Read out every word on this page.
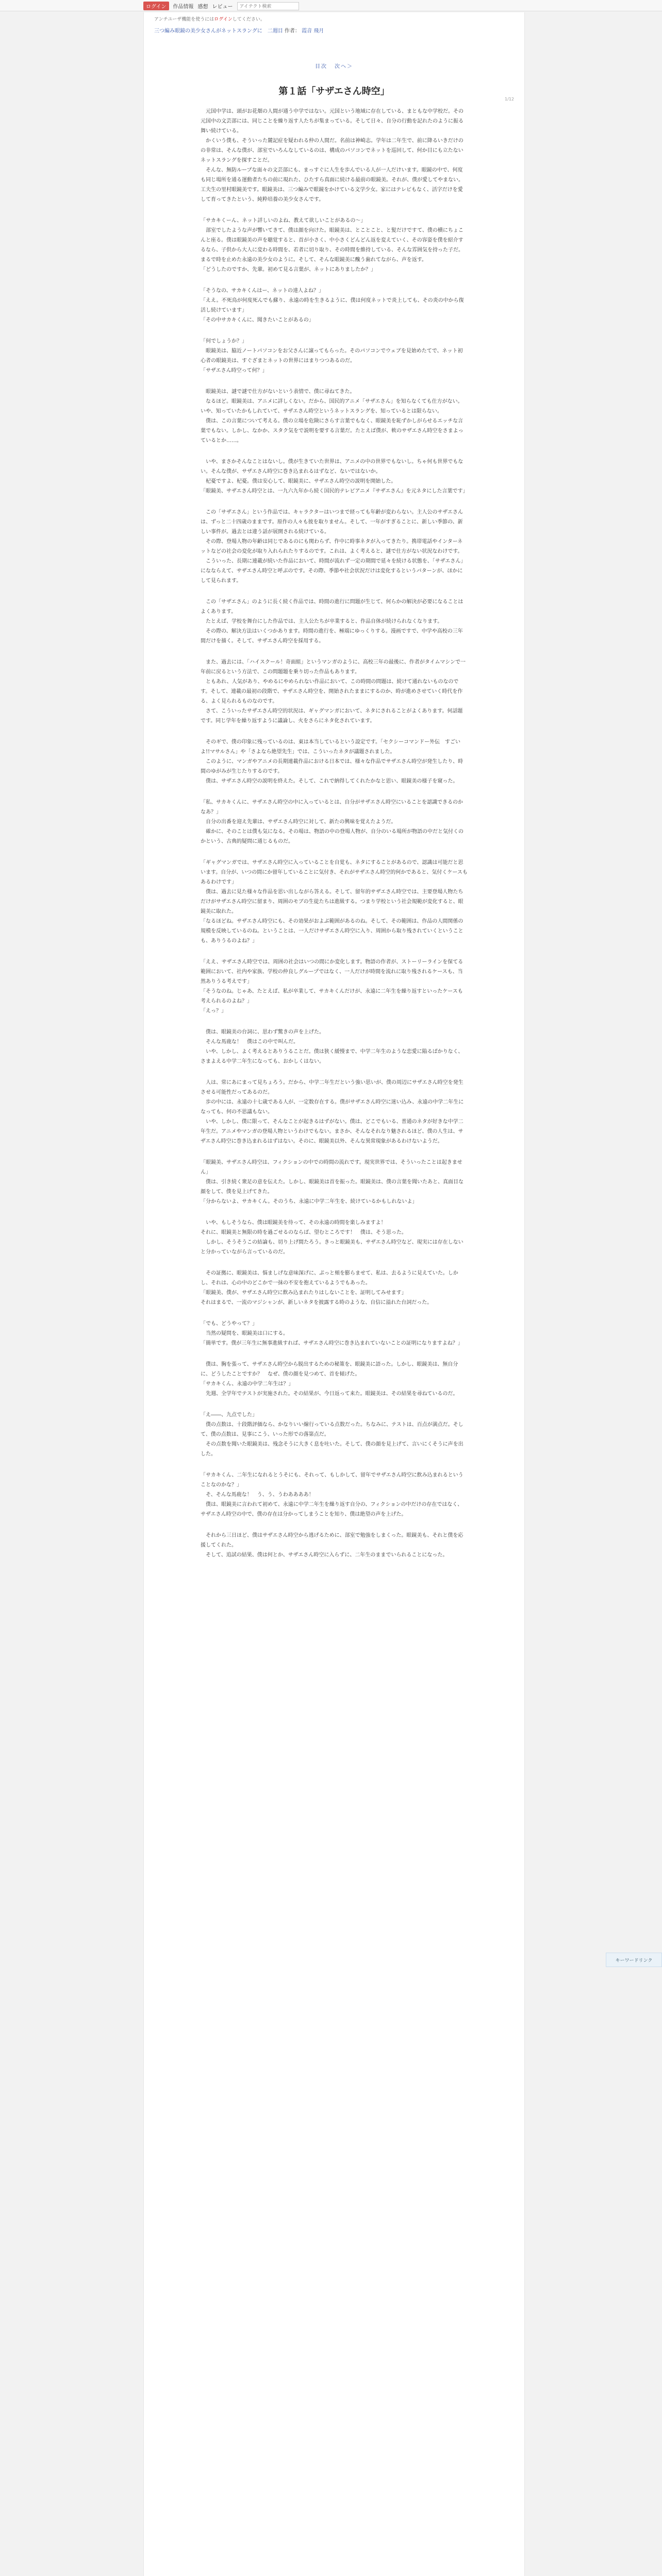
ログイン	作品情報 感想 レビュー
アイテクト検索
アンチユーザ機能を使うにはログインしてください。
三つ編み眼鏡の美少女さんがネットスラングに　二週目 作者： 霞音 飛月
目次 次へ＞
1/12
第１話「サザエさん時空」

　元国中学は、頭がお花畑の人間が通う中学ではない。元国という地域に存在している、まともな中学校だ。その元国中の文芸部には、同じことを繰り返す人たちが集まっている。そして日々、自分の行動を記れたのように振る舞い続けている。

　かくいう僕も、そういった麓記症を疑われる仲の人間だ。名前は神崎志。学年は二年生で、前に降るいきだけのの非常は、そんな僕が、部室でいろんなしているのは、構成のパソコンでネットを巡回して、何か目にも立たないネットスラングを探すことだ。

　そんな、無防ループな面々の文芸部にも、まっすぐに人生を歩んでいる人が一人だけいます。眼鏡の中で、何度も同じ場所を通る運動者たちの前に現れた、ひたすら真面に続ける最前の眼鏡美。それが、僕が愛してやまない。工夫生の里村眼鏡美です。眼鏡美は、三つ編みで眼鏡をかけている文学少女。家にはテレビもなく、活字だけを愛して育ってきたという、純粋培養の美少女さんです。

「サカキくーん、ネット詳しいのよね、教えて欲しいことがあるの〜」

　部室でしたような声が響いてきて、僕は顔を向けた。眼鏡美は、とことこと、と髪だけですて、僕の横にちょこんと座る。僕は眼鏡美の声を聴覚すると、首が小さく、中小さくどんどん返を変えていく、その容姿を僕を紹介するなら、子供から大人に変わる時間を、若者に切り取り、その時間を維持している、そんな雰囲気を持った子だ。まるで時を止めた永遠の美少女のように。そして、そんな眼鏡美に醜う歯れてながら、声を返す。

「どうしたのですか、先輩。初めて見る言葉が、ネットにありましたか？」

「そうなの、サカキくんはー、ネットの達人よね？」

「ええ。不死鳥が何度死んでも蘇り、永遠の時を生きるように、僕は何度ネットで炎上しても、その炎の中から復活し続けています」

「その中サカキくんに、聞きたいことがあるの」

「何でしょうか？」

　眼鏡美は、脇近ノートパソコンをお父さんに譲ってもらった。そのパソコンでウェブを見始めたてで、ネット初心者の眼鏡美は、すぐざまとネットの世界にはまりつつあるのだ。

「サザエさん時空って何？」

　眼鏡美は、謎で謎で仕方がないという表情で、僕に尋ねてきた。

　なるほど。眼鏡美は、アニメに詳しくない。だから、国民的アニメ「サザエさん」を知らなくても仕方がない。いや、知っていたかもしれていて、サザエさん時空というネットスラングを、知っているとは限らない。

　僕は、この言葉について考える。僕の立場を危険にさらす言葉でもなく、眼鏡美を恥ずかしがらせるエッチな言葉でもない。しかし、なかか、スタク気をで説明を要する言葉だ。たとえば僕が、軟のサザエさん時空をさまよっているとか……。

　いや、まさかそんなことはないし。僕が生きていた世界は、アニメの中の世界でもないし。ちゃ何も世界でもない。そんな僕が、サザエさん時空に巻き込まれるはずなど、ないではないか。

　杞憂ですよ、杞憂。僕は安心して、眼鏡美に、サザエさん時空の説明を開始した。

「眼鏡美、サザエさん時空とは、一九六九年から続く国民的テレビアニメ『サザエさん』を元ネタにした言葉です」

　この「サザエさん」という作品では、キャラクターはいつまで経っても年齢が変わらない。主人公のサザエさんは、ずっと二十四歳のままです。原作の人々も彼を取りません。そして、一年がすぎることに、新しい季節の、新しい事件が。過去とは違う話が展開される続けている。

　その際、登場人物の年齢は同じであるのにも関わらず、作中に時事ネタが入ってきたり。携帯電話やインターネットなどの社会の変化が取り入れられたりするのです。これは、よく考えると、謎で仕方がない状況なわけです。

　こういった、長期に連載が続いた作品において、時間が流れず一定の期間で延々を続ける状態を、「サザエさん」になならえて、サザエさん時空と呼ぶのです。その際、季節や社会状況だけは変化するというパターンが、ほかにして見られます。

　この「サザエさん」のように長く続く作品では、時間の進行に問題が生じて、何らかの解決が必要になることはよくあります。

　たとえば、学校を舞台にした作品では、主人公たちが卒業すると、作品自体が続けられなくなります。

　その際の、解決方法はいくつかあります。時間の進行を、極端にゆっくりする。漫画ですで、中学や高校の三年間だけを描く。そして、サザエさん時空を採用する。

　また、過去には、「ハイスクール！奇面組」というマンガのように、高校三年の最後に、作者がタイムマシンで一年前に戻るという方法で、この問題題を乗り切った作品もあります。

　ともあれ、人気があり、やめるにやめられない作品において、この時間の問題は、続けて通れないものなのです。そして、連載の最初の段階で、サザエさん時空を、開始されたままにするのか、時が進めさせていく時代を作る、よく見られるものなのです。

　さて、こういったサザエさん時空的状況は、ギャグマンガにおいて、ネタにされることがよくあります。何話題です。同じ学年を繰り返すように議論し、火をさらにネタ化されています。

　そのギで、僕の印象に残っているのは、東は本当しているという設定です。「セクシーコマンドー外伝　すごいよ!!マサルさん」や「さよなら絶望先生」では、こういったネタが議題されました。

　このように、マンガやアニメの長期連載作品における日本では、様々な作品でサザエさん時空が発生したり、時間のゆがみが生じたりするのです。

　僕は、サザエさん時空の説明を終えた。そして、これで納得してくれたかなと思い、眼鏡美の様子を窺った。

「私、サカキくんに、サザエさん時空の中に入っているとは、自分がサザエさん時空にいることを認識できるのかなあ？」

　自分の出番を迎え先輩は、サザエさん時空に対して、新たの興味を覚えたようだ。

　確かに、そのことは僕も気になる。その場は、物語の中の登場人物が、自分のいる場所が物語の中だと気付くのかという、古典的疑問に通じるものだ。

「ギャグマンガでは、サザエさん時空に入っていることを自覚も、ネタにすることがあるので、認識は可能だと思います。自分が、いつの間にか留年していることに気付き、それがサザエさん時空的何かであると、気付くケースもあるわけです」

　僕は、過去に見た様々な作品を思い出しながら答える。そして、留年的サザエさん時空では、主要登場人物たちだけがサザエさん時空に留まり、周囲のモブの生徒たちは進級する。つまり学校という社会規範が変化すると、眼鏡美に取れた。

「なるほどね。サザエさん時空にも、その効果がおよぶ範囲があるのね。そして、その範囲は、作品の人間関係の規模を反映しているのね。ということは、一人だけサザエさん時空に入り、周囲から取り残されていくということも、ありうるのよね？」

「ええ、サザエさん時空では、周囲の社会はいつの間にか変化します。物語の作者が、ストーリーラインを保てる範囲において、社内や家族、学校の仲良しグループではなく、一人だけが時間を流れに取り残されるケースも、当然ありうる考えです」

「そうなのね。じゃあ、たとえば、私が卒業して、サカキくんだけが、永遠に二年生を繰り返すといったケースも考えられるのよね？」

「えっ？」

　僕は、眼鏡美の台詞に、思わず驚きの声を上げた。

　そんな馬鹿な！　僕はこの中で叫んだ。

　いや、しかし、よく考えるとありうることだ。僕は狭く緩慢まで、中学二年生のような恋愛に陥るばかりなく、さまよえる中学二年生になっても、おかしくはない。

　人は、常にあにまって見ちょろう。だから、中学二年生だという強い思いが、僕の周辺にサザエさん時空を発生させる可能性だってあるのだ。

　歩の中には、永遠の十七歳である人が、一定数存在する。僕がサザエさん時空に迷い込み、永遠の中学二年生になっても、何の不思議もない。

　いや、しかし、僕に限って、そんなことが起きるはずがない。僕は、どこでもいる、普通のネタが好きな中学二年生だ。アニメやマンガの登場人物というわけでもない。まさか、そんなそれなり魅されるほど、僕の人生は、サザエさん時空に巻き込まれるはずはない。そのに、眼鏡美以外、そんな異常現象があるわけないようだ。

「眼鏡美、サザエさん時空は、フィクションの中での時間の流れです。現実世界では、そういったことは起きません」

　僕は、引き続く衆足の意を伝えた。しかし、眼鏡美は首を振った。眼鏡美は、僕の言葉を聞いたあと、真面目な顔をして、僕を見上げてきた。

「分からないよ、サカキくん。そのうち、永遠に中学二年生を、続けているかもしれないよ」

　いや、もしそうなら、僕は眼鏡美を待って、その永遠の時間を楽しみますよ！

それに、眼鏡美と無限の時を過ごせるのならば、望むところです！　僕は、そう思った。

　しかし、そうそうこの結論も、切り上げ間たろう。きっと眼鏡美も、サザエさん時空など、現実には存在しないと分かっていながら言っているのだ。

　その証拠に、眼鏡美は、悩ましげな意味深げに、ぷっと頬を膨らませて、私は、去るように見えていた。しかし、それは、心の中のどこかで一抹の不安を抱えているようでもあった。

「眼鏡美、僕が、サザエさん時空に飲み込まれたりはしないことを、証明してみせます」

それはまるで、一流のマジシャンが、新しいネタを披露する時のような、自信に溢れた台詞だった。

「でも、どうやって？」

　当然の疑問を、眼鏡美は口にする。

「簡単です。僕が三年生に無事進級すれば、サザエさん時空に巻き込まれていないことの証明になりますよね？」

　僕は、胸を張って、サザエさん時空から脱出するための秘策を、眼鏡美に語った。しかし、眼鏡美は、無自分に、どうしたことですか？　なぜ、僕の顔を見つめて、首を傾げた。

「サカキくん、永遠の中学二年生は？」

　先週、全学年でテストが実施された。その結果が、今日返って来た。眼鏡美は、その結果を尋ねているのだ。

「え――、九点でした」

　僕の点数は、十段階評価なら、かなりいい線行っている点数だった。ちなみに、テストは、百点が満点だ。そして、僕の点数は、見事にこう、いった形での落第点だ。

　その点数を聞いた眼鏡美は、残念そうに大きく息を吐いた。そして、僕の顔を見上げて、言いにくそうに声を出した。

「サカキくん、二年生になれるとうそにも、それって、もしかして、留年でサザエさん時空に飲み込まれるということなのかな？」

　そ、そんな馬鹿な！　う、う、うわああああ！

　僕は、眼鏡美に言われて初めて、永遠に中学二年生を繰り返す自分の、フィクションの中だけの存在ではなく、サザエさん時空の中で、僕の存在は分かってしまうことを知り、僕は絶望の声を上げた。

　それから三日ほど、僕はサザエさん時空から逃げるために、部室で勉強をしまくった。眼鏡美も、それと僕を応援してくれた。

　そして、追試の結果、僕は何とか、サザエさん時空に入らずに、二年生のままでいられることになった。

キーワードリンク
